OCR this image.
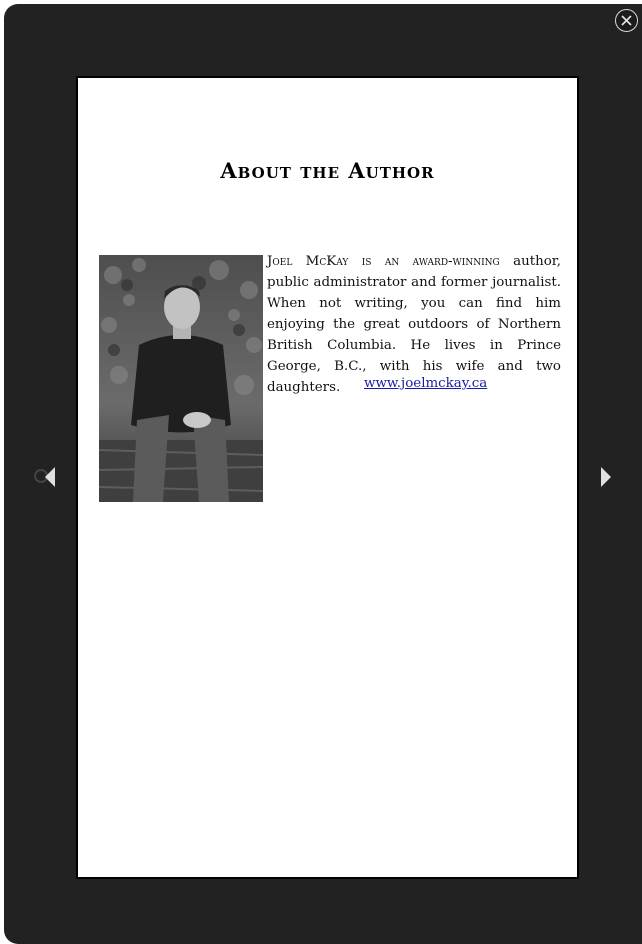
About the Author
Joel McKay is an award-winning author, public administrator and former journalist. When not writing, you can find him enjoying the great outdoors of Northern British Columbia. He lives in Prince George, B.C., with his wife and two daughters.	www.joelmckay.ca
